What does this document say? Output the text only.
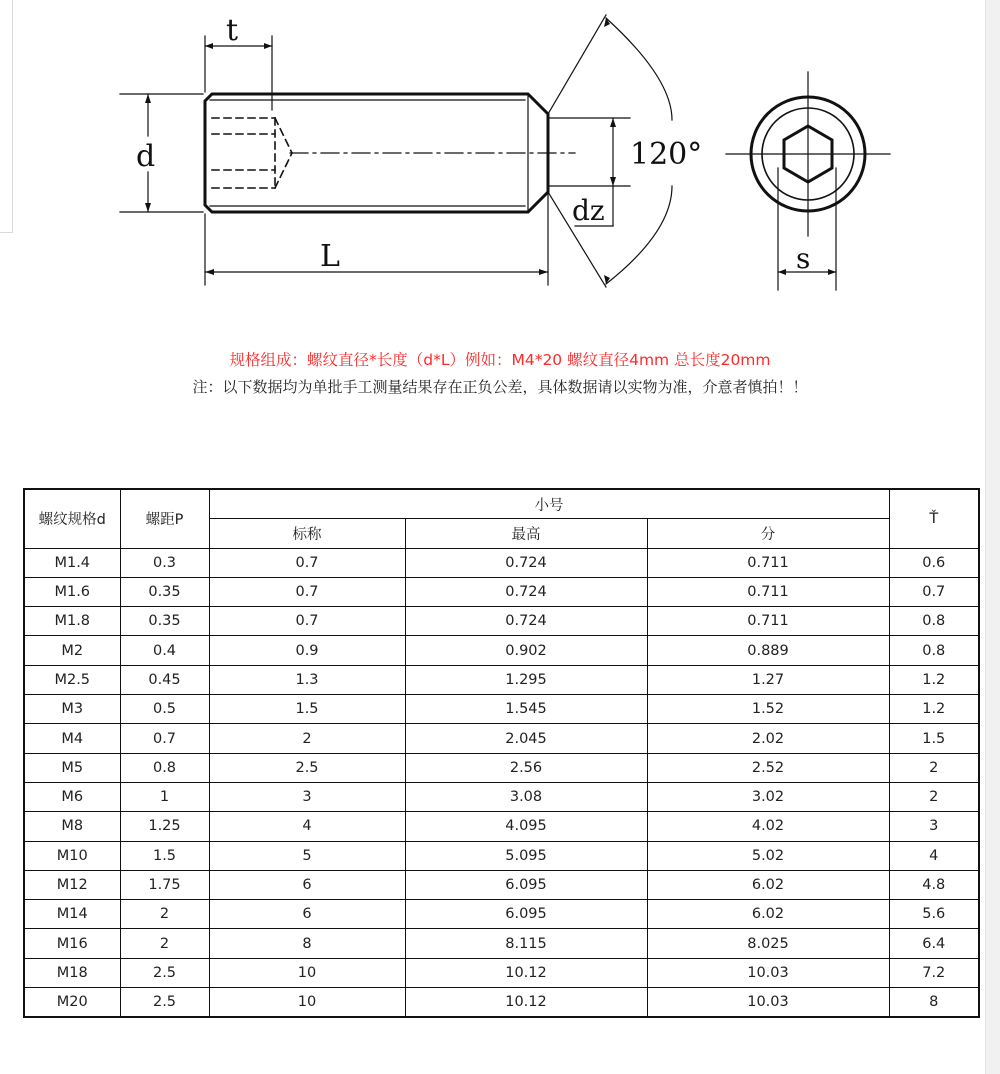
t
d
L
dz
120°
s
规格组成：螺纹直径*长度（d*L）例如：M4*20 螺纹直径4mm 总长度20mm
注：以下数据均为单批手工测量结果存在正负公差，具体数据请以实物为准，介意者慎拍！！
螺纹规格d	螺距P	小号			Ť
		标称	最高	分	
M1.4	0.3	0.7	0.724	0.711	0.6
M1.6	0.35	0.7	0.724	0.711	0.7
M1.8	0.35	0.7	0.724	0.711	0.8
M2	0.4	0.9	0.902	0.889	0.8
M2.5	0.45	1.3	1.295	1.27	1.2
M3	0.5	1.5	1.545	1.52	1.2
M4	0.7	2	2.045	2.02	1.5
M5	0.8	2.5	2.56	2.52	2
M6	1	3	3.08	3.02	2
M8	1.25	4	4.095	4.02	3
M10	1.5	5	5.095	5.02	4
M12	1.75	6	6.095	6.02	4.8
M14	2	6	6.095	6.02	5.6
M16	2	8	8.115	8.025	6.4
M18	2.5	10	10.12	10.03	7.2
M20	2.5	10	10.12	10.03	8
